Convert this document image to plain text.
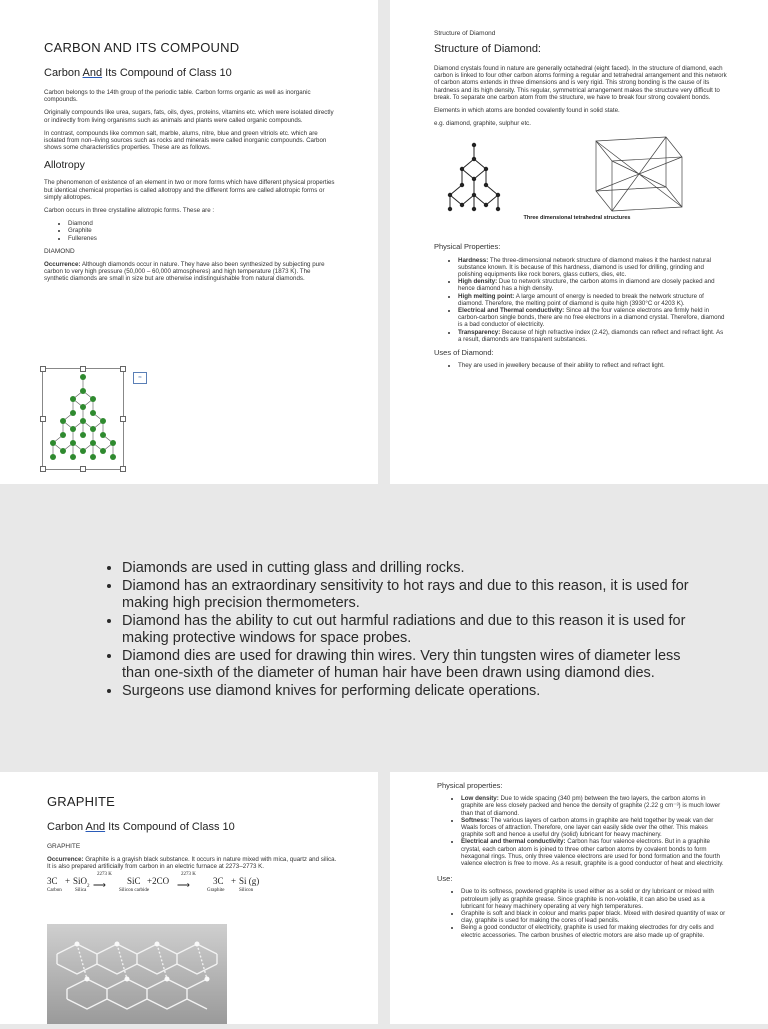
CARBON AND ITS COMPOUND
Carbon And Its Compound of Class 10

Carbon belongs to the 14th group of the periodic table. Carbon forms organic as well as inorganic compounds.

Originally compounds like urea, sugars, fats, oils, dyes, proteins, vitamins etc. which were isolated directly or indirectly from living organisms such as animals and plants were called organic compounds.

In contrast, compounds like common salt, marble, alums, nitre, blue and green vitriols etc. which are isolated from non–living sources such as rocks and minerals were called inorganic compounds. Carbon shows some characteristics properties. These are as follows.

Allotropy

The phenomenon of existence of an element in two or more forms which have different physical properties but identical chemical properties is called allotropy and the different forms are called allotropic forms or simply allotropes.

Carbon occurs in three crystalline allotropic forms. These are :

• Diamond
• Graphite
• Fullerenes

DIAMOND

Occurrence: Although diamonds occur in nature. They have also been synthesized by subjecting pure carbon to very high pressure (50,000 – 60,000 atmospheres) and high temperature (1873 K). The synthetic diamonds are small in size but are otherwise indistinguishable from natural diamonds.

≈

Structure of Diamond

Structure of Diamond:

Diamond crystals found in nature are generally octahedral (eight faced). In the structure of diamond, each carbon is linked to four other carbon atoms forming a regular and tetrahedral arrangement and this network of carbon atoms extends in three dimensions and is very rigid. This strong bonding is the cause of its hardness and its high density. This regular, symmetrical arrangement makes the structure very difficult to break. To separate one carbon atom from the structure, we have to break four strong covalent bonds.

Elements in which atoms are bonded covalently found in solid state.

e.g. diamond, graphite, sulphur etc.

Three dimensional tetrahedral structures

Physical Properties:

• Hardness: The three-dimensional network structure of diamond makes it the hardest natural substance known. It is because of this hardness, diamond is used for drilling, grinding and polishing equipments like rock borers, glass cutters, dies, etc.
• High density: Due to network structure, the carbon atoms in diamond are closely packed and hence diamond has a high density.
• High melting point: A large amount of energy is needed to break the network structure of diamond. Therefore, the melting point of diamond is quite high (3930°C or 4203 K).
• Electrical and Thermal conductivity: Since all the four valence electrons are firmly held in carbon-carbon single bonds, there are no free electrons in a diamond crystal. Therefore, diamond is a bad conductor of electricity.
• Transparency: Because of high refractive index (2.42), diamonds can reflect and refract light. As a result, diamonds are transparent substances.

Uses of Diamond:

• They are used in jewellery because of their ability to reflect and refract light.
• Diamonds are used in cutting glass and drilling rocks.
• Diamond has an extraordinary sensitivity to hot rays and due to this reason, it is used for making high precision thermometers.
• Diamond has the ability to cut out harmful radiations and due to this reason it is used for making protective windows for space probes.
• Diamond dies are used for drawing thin wires. Very thin tungsten wires of diameter less than one-sixth of the diameter of human hair have been drawn using diamond dies.
• Surgeons use diamond knives for performing delicate operations.
GRAPHITE
Carbon And Its Compound of Class 10

GRAPHITE

Occurrence: Graphite is a grayish black substance. It occurs in nature mixed with mica, quartz and silica. It is also prepared artificially from carbon in an electric furnace at 2273–2773 K.

3C + SiO$_2$
2273 K
⟶ SiC +2CO
2273 K
⟶	3C + Si (g)
Carbon	Silica	Silicon carbide	Graphite	Silicon

Physical properties:

• Low density: Due to wide spacing (340 pm) between the two layers, the carbon atoms in graphite are less closely packed and hence the density of graphite (2.22 g cm⁻³) is much lower than that of diamond.
• Softness: The various layers of carbon atoms in graphite are held together by weak van der Waals forces of attraction. Therefore, one layer can easily slide over the other. This makes graphite soft and hence a useful dry (solid) lubricant for heavy machinery.
• Electrical and thermal conductivity: Carbon has four valence electrons. But in a graphite crystal, each carbon atom is joined to three other carbon atoms by covalent bonds to form hexagonal rings. Thus, only three valence electrons are used for bond formation and the fourth valence electron is free to move. As a result, graphite is a good conductor of heat and electricity.

Use:

• Due to its softness, powdered graphite is used either as a solid or dry lubricant or mixed with petroleum jelly as graphite grease. Since graphite is non-volatile, it can also be used as a lubricant for heavy machinery operating at very high temperatures.
• Graphite is soft and black in colour and marks paper black. Mixed with desired quantity of wax or clay, graphite is used for making the cores of lead pencils.
• Being a good conductor of electricity, graphite is used for making electrodes for dry cells and electric accessories. The carbon brushes of electric motors are also made up of graphite.
